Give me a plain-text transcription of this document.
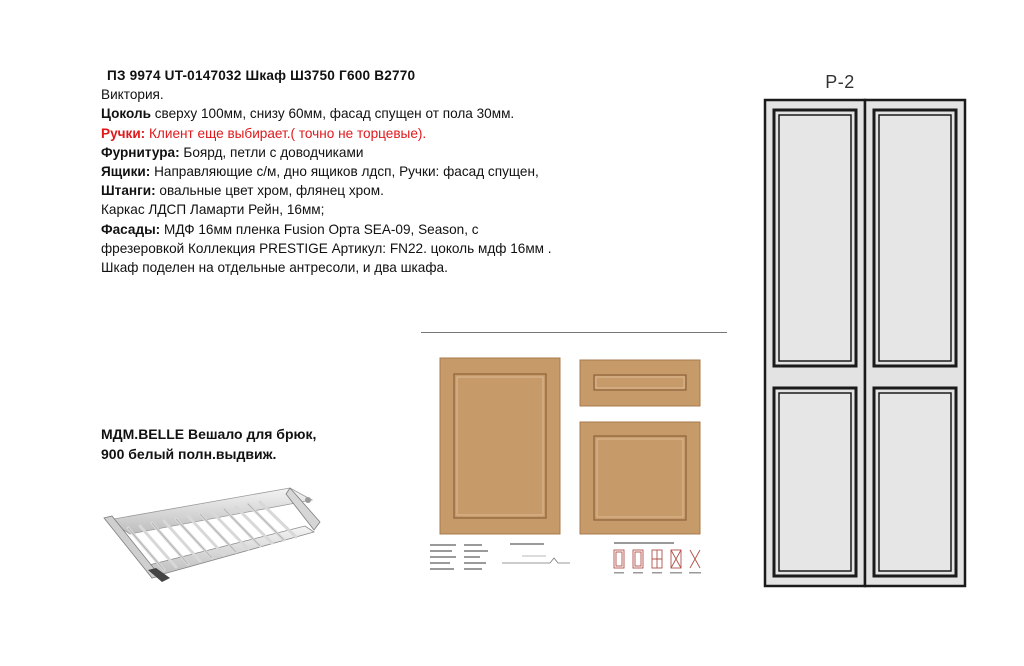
ПЗ 9974 UT-0147032 Шкаф Ш3750 Г600 В2770
Виктория.
Цоколь сверху 100мм, снизу 60мм, фасад спущен от пола 30мм.
Ручки: Клиент еще выбирает.( точно не торцевые).
Фурнитура: Боярд, петли с доводчиками
Ящики: Направляющие с/м, дно ящиков лдсп, Ручки: фасад спущен,
Штанги: овальные цвет хром, флянец хром.
Каркас ЛДСП Ламарти Рейн, 16мм;
Фасады: МДФ 16мм пленка Fusion Орта SEA-09, Season, с
фрезеровкой Коллекция PRESTIGE Артикул: FN22. цоколь мдф 16мм .
Шкаф поделен на отдельные антресоли, и два шкафа.
МДМ.BELLE Вешало для брюк,
900 белый полн.выдвиж.
Р-2
